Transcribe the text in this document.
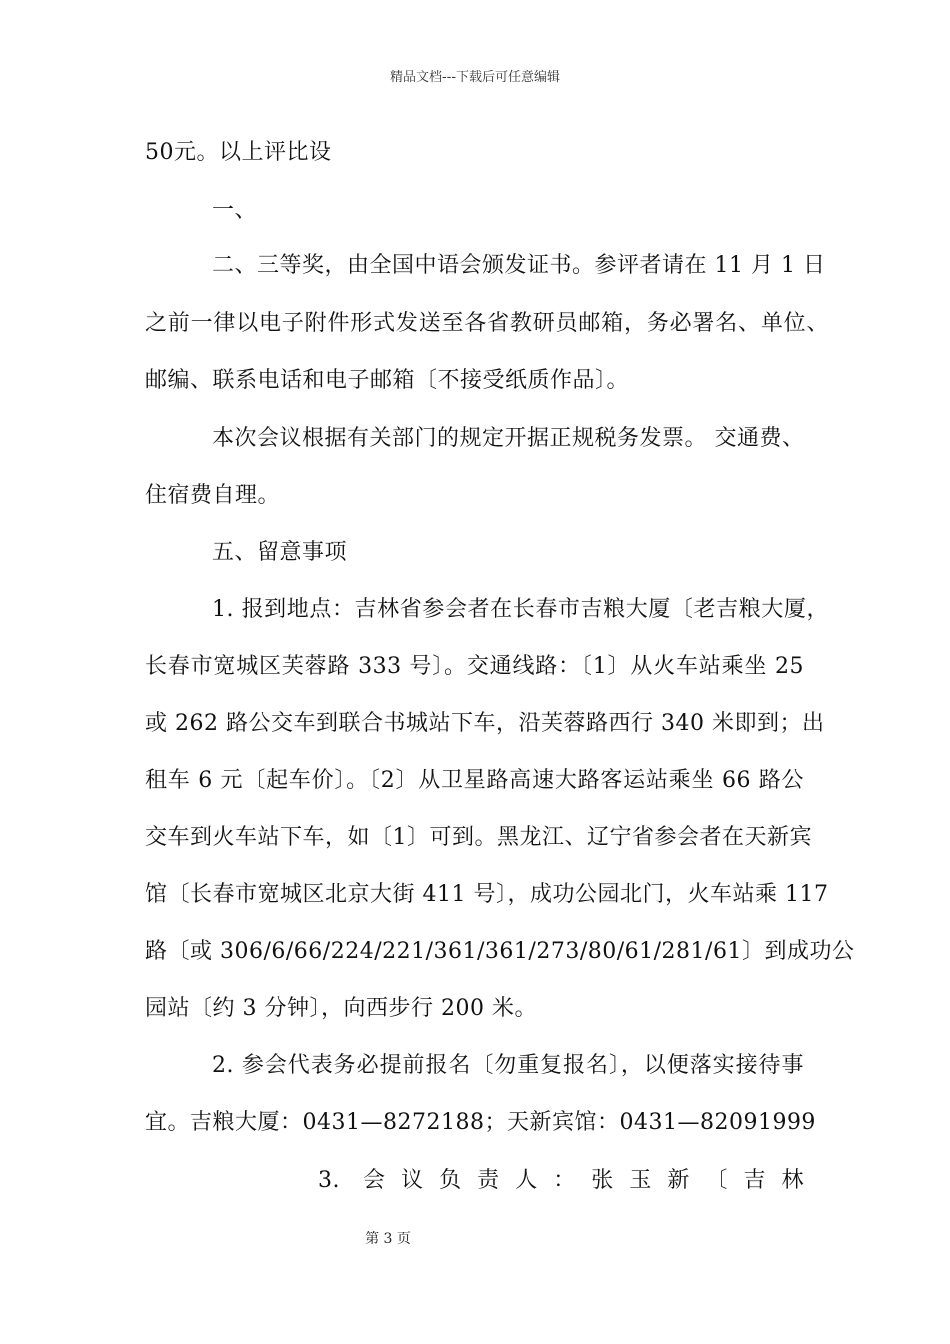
精品文档---下载后可任意编辑
50元。以上评比设
一、
二、三等奖，由全国中语会颁发证书。参评者请在 11 月 1 日
之前一律以电子附件形式发送至各省教研员邮箱，务必署名、单位、
邮编、联系电话和电子邮箱〔不接受纸质作品〕。
本次会议根据有关部门的规定开据正规税务发票。 交通费、
住宿费自理。
五、留意事项
1. 报到地点：吉林省参会者在长春市吉粮大厦〔老吉粮大厦，
长春市宽城区芙蓉路 333 号〕。交通线路：〔1〕从火车站乘坐 25
或 262 路公交车到联合书城站下车，沿芙蓉路西行 340 米即到；出
租车 6 元〔起车价〕。〔2〕从卫星路高速大路客运站乘坐 66 路公
交车到火车站下车，如〔1〕可到。黑龙江、辽宁省参会者在天新宾
馆〔长春市宽城区北京大街 411 号〕，成功公园北门，火车站乘 117
路〔或 306/6/66/224/221/361/361/273/80/61/281/61〕到成功公
园站〔约 3 分钟〕，向西步行 200 米。
2. 参会代表务必提前报名〔勿重复报名〕，以便落实接待事
宜。吉粮大厦：0431—8272188；天新宾馆：0431—82091999
3. 会议负责人：张玉新〔吉林
第 3 页
